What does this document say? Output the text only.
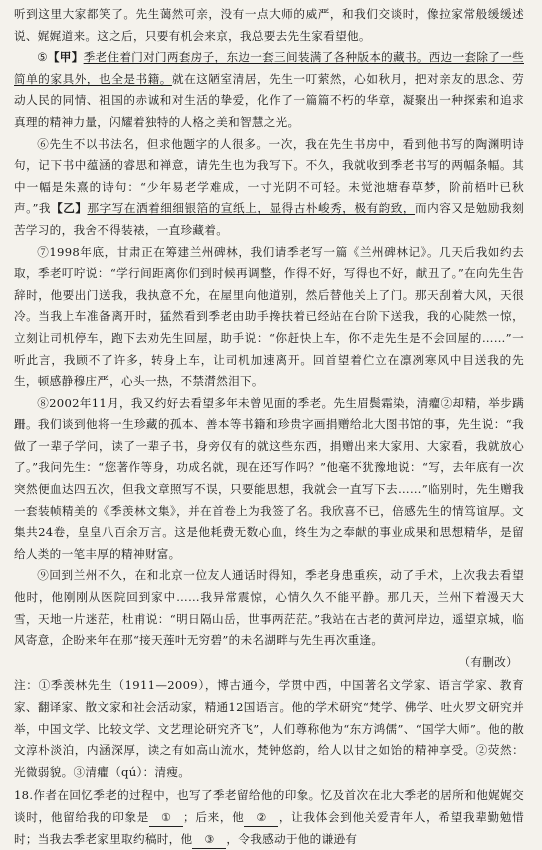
听到这里大家都笑了。先生蔼然可亲，没有一点大师的威严，和我们交谈时，像拉家常般缓缓述说、娓娓道来。这之后，只要有机会来京，我总要去先生家看望他。

⑤【甲】季老住着门对门两套房子，东边一套三间装满了各种版本的藏书。西边一套除了一些简单的家具外，也全是书籍。就在这陋室清居，先生一叮萦然，心如秋月，把对亲友的思念、劳动人民的同情、祖国的赤诚和对生活的挚爱，化作了一篇篇不朽的华章，凝聚出一种探索和追求真理的精神力量，闪耀着独特的人格之美和智慧之光。

⑥先生不以书法名，但求他题字的人很多。一次，我在先生书房中，看到他书写的陶渊明诗句，记下书中蕴涵的睿思和禅意，请先生也为我写下。不久，我就收到季老书写的两幅条幅。其中一幅是朱熹的诗句：“少年易老学难成，一寸光阴不可轻。未觉池塘春草梦，阶前梧叶已秋声。”我【乙】那字写在洒着细细银箔的宣纸上，显得古朴峻秀，极有韵致，而内容又是勉励我刻苦学习的，我舍不得装裱，一直珍藏着。

⑦1998年底，甘肃正在筹建兰州碑林，我们请季老写一篇《兰州碑林记》。几天后我如约去取，季老叮咛说：“学行间距离你们到时候再调整，作得不好，写得也不好，献丑了。”在向先生告辞时，他要出门送我，我执意不允，在屋里向他道别，然后替他关上了门。那天刮着大风，天很冷。当我上车准备离开时，猛然看到季老由助手搀扶着已经站在台阶下送我，我的心陡然一惊，立刻让司机停车，跑下去劝先生回屋，助手说：“你赶快上车，你不走先生是不会回屋的……”一听此言，我顾不了许多，转身上车，让司机加速离开。回首望着伫立在凛冽寒风中目送我的先生，顿感静穆庄严，心头一热，不禁潸然泪下。

⑧2002年11月，我又约好去看望多年未曾见面的季老。先生眉鬓霜染，清癯②却精，举步蹒跚。我们谈到他将一生珍藏的孤本、善本等书籍和珍贵字画捐赠给北大图书馆的事，先生说：“我做了一辈子学问，读了一辈子书，身旁仅有的就这些东西，捐赠出来大家用、大家看，我就放心了。”我问先生：“您著作等身，功成名就，现在还写作吗？”他毫不犹豫地说：“写，去年底有一次突然便血达四五次，但我文章照写不误，只要能思想，我就会一直写下去……”临别时，先生赠我一套装帧精美的《季羡林文集》，并在首卷上为我签了名。我欣喜不已，倍感先生的情笃谊厚。文集共24卷，皇皇八百余万言。这是他耗费无数心血，终生为之奉献的事业成果和思想精华，是留给人类的一笔丰厚的精神财富。

⑨回到兰州不久，在和北京一位友人通话时得知，季老身患重疾，动了手术，上次我去看望他时，他刚刚从医院回到家中……我异常震惊，心情久久不能平静。那几天，兰州下着漫天大雪，天地一片迷茫，杜甫说：“明日隔山岳，世事两茫茫。”我站在古老的黄河岸边，遥望京城，临风寄意，企盼来年在那“接天莲叶无穷碧”的未名湖畔与先生再次重逢。

（有删改）

注：①季羡林先生（1911—2009），博古通今，学贯中西，中国著名文学家、语言学家、教育家、翻译家、散文家和社会活动家，精通12国语言。他的学术研究“梵学、佛学、吐火罗文研究并举，中国文学、比较文学、文艺理论研究齐飞”，人们尊称他为“东方鸿儒”、“国学大师”。他的散文淳朴淡泊，内涵深厚，读之有如高山流水，梵钟悠韵，给人以甘之如饴的精神享受。②荧然：光微弱貌。③清癯（qú）：清瘦。

18.作者在回忆季老的过程中，也写了季老留给他的印象。忆及首次在北大季老的居所和他娓娓交谈时，他留给我的印象是 ① ；后来，他 ② ，让我体会到他关爱青年人，希望我辈勤勉惜时；当我去季老家里取约稿时，他 ③ ，令我感动于他的谦逊有
